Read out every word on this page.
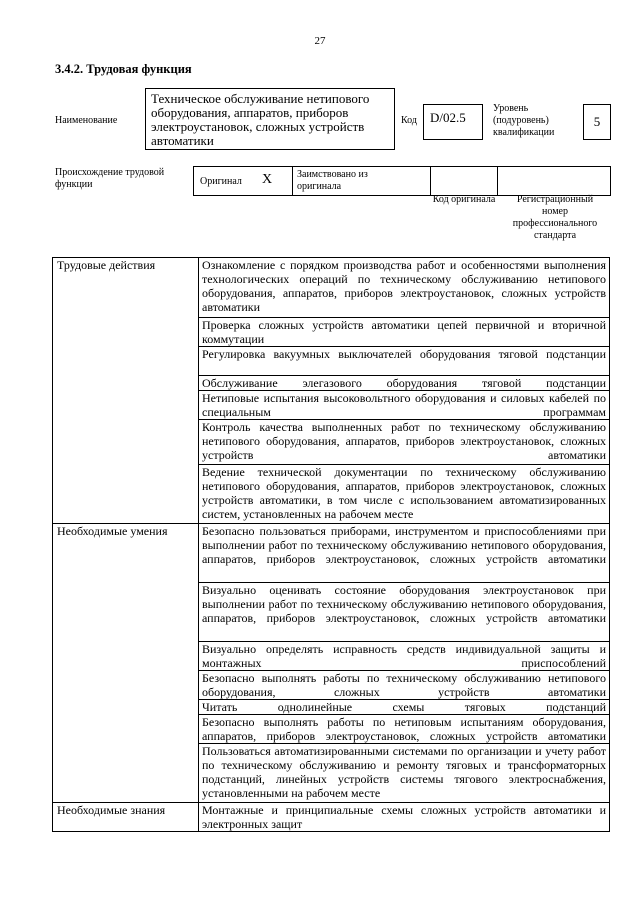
27
3.4.2. Трудовая функция
Наименование
Техническое обслуживание нетипового оборудования, аппаратов, приборов электроустановок, сложных устройств автоматики
Код	D/02.5
Уровень (подуровень) квалификации
5
Происхождение трудовой функции	Оригинал X Заимствовано из оригинала
Код оригинала	Регистрационный номер профессионального стандарта
Трудовые действия	Ознакомление с порядком производства работ и особенностями выполнения технологических операций по техническому обслуживанию нетипового оборудования, аппаратов, приборов электроустановок, сложных устройств автоматики
	Проверка сложных устройств автоматики цепей первичной и вторичной коммутации
	Регулировка вакуумных выключателей оборудования тяговой подстанции
	Обслуживание элегазового оборудования тяговой подстанции
	Нетиповые испытания высоковольтного оборудования и силовых кабелей по специальным программам
	Контроль качества выполненных работ по техническому обслуживанию нетипового оборудования, аппаратов, приборов электроустановок, сложных устройств автоматики
	Ведение технической документации по техническому обслуживанию нетипового оборудования, аппаратов, приборов электроустановок, сложных устройств автоматики, в том числе с использованием автоматизированных систем, установленных на рабочем месте
Необходимые умения	Безопасно пользоваться приборами, инструментом и приспособлениями при выполнении работ по техническому обслуживанию нетипового оборудования, аппаратов, приборов электроустановок, сложных устройств автоматики
	Визуально оценивать состояние оборудования электроустановок при выполнении работ по техническому обслуживанию нетипового оборудования, аппаратов, приборов электроустановок, сложных устройств автоматики
	Визуально определять исправность средств индивидуальной защиты и монтажных приспособлений
	Безопасно выполнять работы по техническому обслуживанию нетипового оборудования, сложных устройств автоматики
	Читать однолинейные схемы тяговых подстанций
	Безопасно выполнять работы по нетиповым испытаниям оборудования, аппаратов, приборов электроустановок, сложных устройств автоматики
	Пользоваться автоматизированными системами по организации и учету работ по техническому обслуживанию и ремонту тяговых и трансформаторных подстанций, линейных устройств системы тягового электроснабжения, установленными на рабочем месте
Необходимые знания	Монтажные и принципиальные схемы сложных устройств автоматики и электронных защит
